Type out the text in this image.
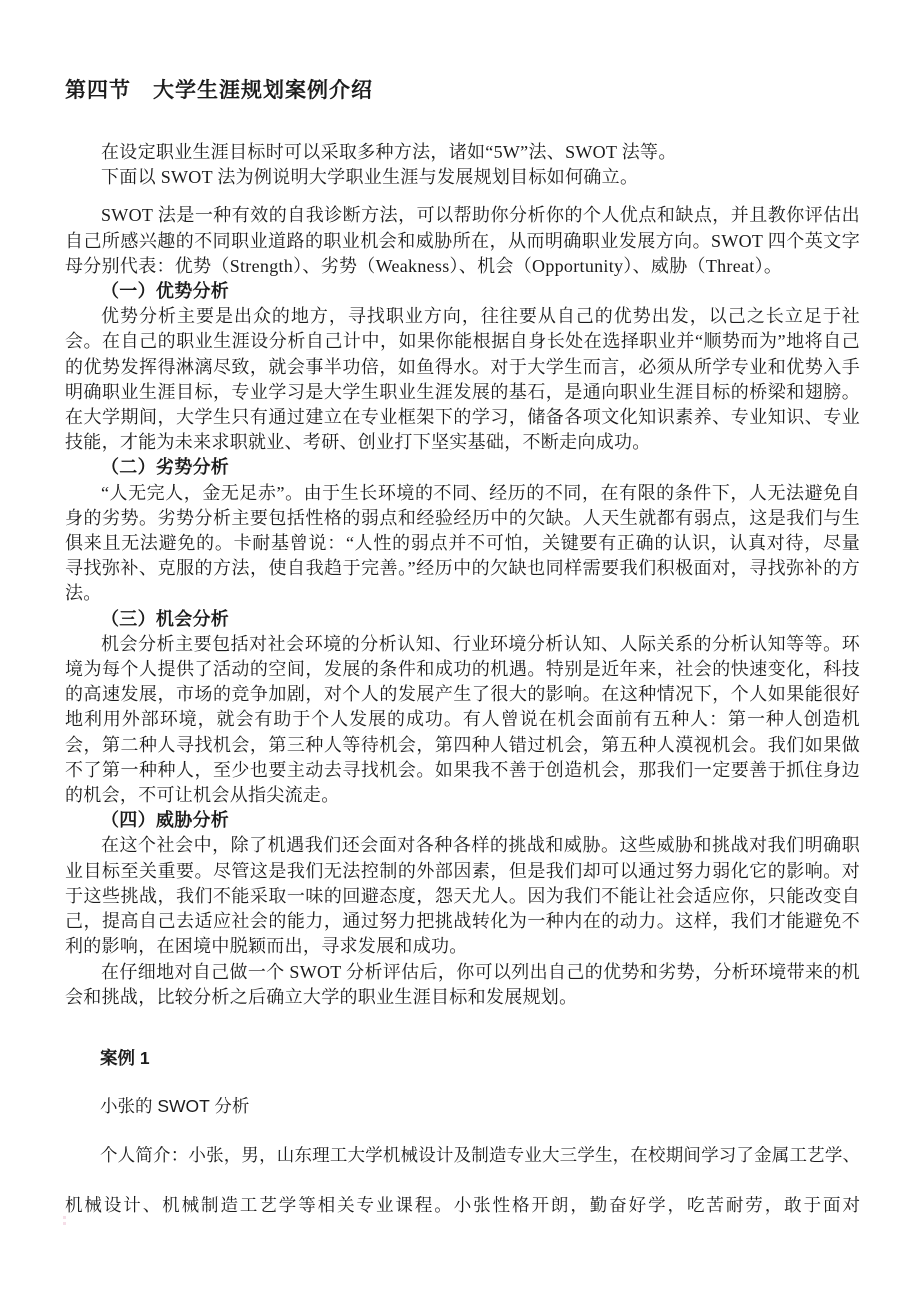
第四节　大学生涯规划案例介绍

在设定职业生涯目标时可以采取多种方法，诸如“5W”法、SWOT 法等。

下面以 SWOT 法为例说明大学职业生涯与发展规划目标如何确立。

SWOT 法是一种有效的自我诊断方法，可以帮助你分析你的个人优点和缺点，并且教你评估出自己所感兴趣的不同职业道路的职业机会和威胁所在，从而明确职业发展方向。SWOT 四个英文字母分别代表：优势（Strength）、劣势（Weakness）、机会（Opportunity）、威胁（Threat）。

（一）优势分析

优势分析主要是出众的地方，寻找职业方向，往往要从自己的优势出发，以己之长立足于社会。在自己的职业生涯设分析自己计中，如果你能根据自身长处在选择职业并“顺势而为”地将自己的优势发挥得淋漓尽致，就会事半功倍，如鱼得水。对于大学生而言，必须从所学专业和优势入手明确职业生涯目标，专业学习是大学生职业生涯发展的基石，是通向职业生涯目标的桥梁和翅膀。在大学期间，大学生只有通过建立在专业框架下的学习，储备各项文化知识素养、专业知识、专业技能，才能为未来求职就业、考研、创业打下坚实基础，不断走向成功。

（二）劣势分析

“人无完人，金无足赤”。由于生长环境的不同、经历的不同，在有限的条件下，人无法避免自身的劣势。劣势分析主要包括性格的弱点和经验经历中的欠缺。人天生就都有弱点，这是我们与生俱来且无法避免的。卡耐基曾说：“人性的弱点并不可怕，关键要有正确的认识，认真对待，尽量寻找弥补、克服的方法，使自我趋于完善。”经历中的欠缺也同样需要我们积极面对，寻找弥补的方法。

（三）机会分析

机会分析主要包括对社会环境的分析认知、行业环境分析认知、人际关系的分析认知等等。环境为每个人提供了活动的空间，发展的条件和成功的机遇。特别是近年来，社会的快速变化，科技的高速发展，市场的竞争加剧，对个人的发展产生了很大的影响。在这种情况下，个人如果能很好地利用外部环境，就会有助于个人发展的成功。有人曾说在机会面前有五种人：第一种人创造机会，第二种人寻找机会，第三种人等待机会，第四种人错过机会，第五种人漠视机会。我们如果做不了第一种种人，至少也要主动去寻找机会。如果我不善于创造机会，那我们一定要善于抓住身边的机会，不可让机会从指尖流走。

（四）威胁分析

在这个社会中，除了机遇我们还会面对各种各样的挑战和威胁。这些威胁和挑战对我们明确职业目标至关重要。尽管这是我们无法控制的外部因素，但是我们却可以通过努力弱化它的影响。对于这些挑战，我们不能采取一味的回避态度，怨天尤人。因为我们不能让社会适应你，只能改变自己，提高自己去适应社会的能力，通过努力把挑战转化为一种内在的动力。这样，我们才能避免不利的影响，在困境中脱颖而出，寻求发展和成功。

在仔细地对自己做一个 SWOT 分析评估后，你可以列出自己的优势和劣势，分析环境带来的机会和挑战，比较分析之后确立大学的职业生涯目标和发展规划。

案例 1

小张的 SWOT 分析

个人简介：小张，男，山东理工大学机械设计及制造专业大三学生，在校期间学习了金属工艺学、机械设计、机械制造工艺学等相关专业课程。小张性格开朗，勤奋好学，吃苦耐劳，敢于面对
